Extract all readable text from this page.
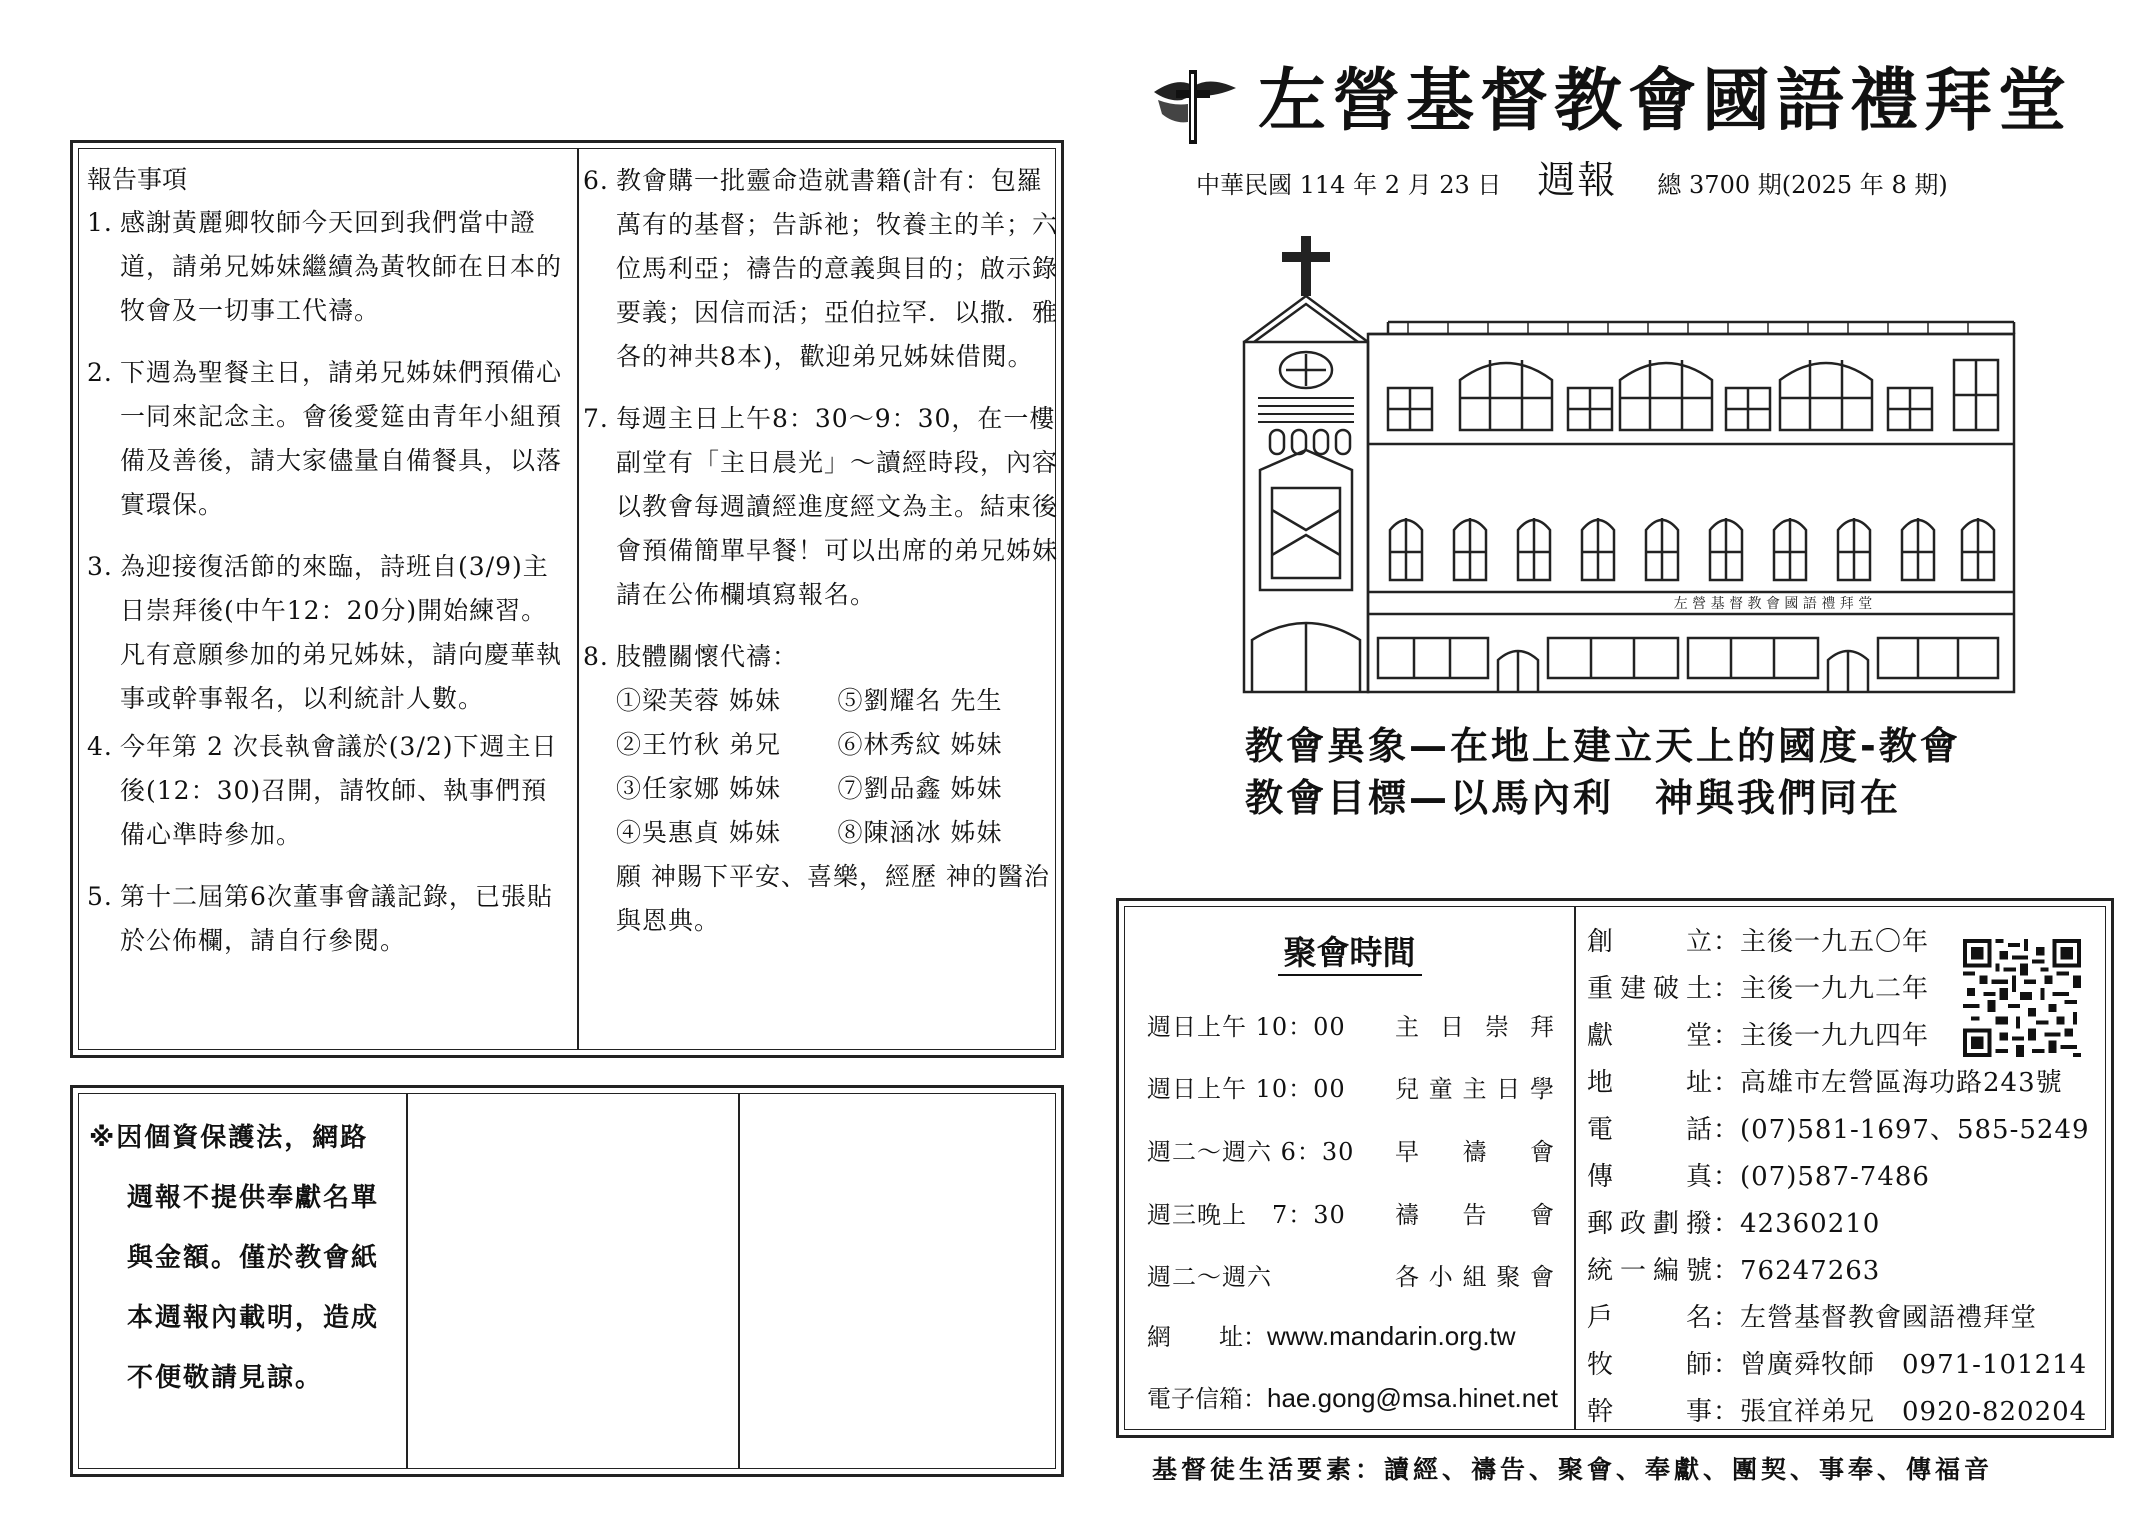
報告事項

1. 感謝黃麗卿牧師今天回到我們當中證道，請弟兄姊妹繼續為黃牧師在日本的牧會及一切事工代禱。

2. 下週為聖餐主日，請弟兄姊妹們預備心一同來記念主。會後愛筵由青年小組預備及善後，請大家儘量自備餐具，以落實環保。

3. 為迎接復活節的來臨，詩班自(3/9)主日崇拜後(中午12：20分)開始練習。凡有意願參加的弟兄姊妹，請向慶華執事或幹事報名，以利統計人數。

4. 今年第 2 次長執會議於(3/2)下週主日後(12：30)召開，請牧師、執事們預備心準時參加。

5. 第十二屆第6次董事會議記錄，已張貼於公佈欄，請自行參閱。

6. 教會購一批靈命造就書籍(計有：包羅萬有的基督；告訴祂；牧養主的羊；六位馬利亞；禱告的意義與目的；啟示錄要義；因信而活；亞伯拉罕．以撒．雅各的神共8本)，歡迎弟兄姊妹借閱。

7. 每週主日上午8：30～9：30，在一樓副堂有「主日晨光」～讀經時段，內容以教會每週讀經進度經文為主。結束後會預備簡單早餐！可以出席的弟兄姊妹請在公佈欄填寫報名。

8. 肢體關懷代禱：

①梁芙蓉 姊妹	⑤劉耀名 先生
②王竹秋 弟兄	⑥林秀紋 姊妹
③任家娜 姊妹	⑦劉品鑫 姊妹
④吳惠貞 姊妹	⑧陳涵冰 姊妹
願 神賜下平安、喜樂，經歷 神的醫治與恩典。
※因個資保護法，網路
週報不提供奉獻名單
與金額。僅於教會紙
本週報內載明，造成
不便敬請見諒。
左營基督教會國語禮拜堂
中華民國 114 年 2 月 23 日 週報 總 3700 期(2025 年 8 期)
左 營 基 督 教 會 國 語 禮 拜 堂
教會異象—在地上建立天上的國度-教會
教會目標—以馬內利　神與我們同在
聚會時間
週日上午 10：00 主日崇拜
週日上午 10：00 兒童主日學
週二～週六 6：30 早禱會
週三晚上　7：30 禱告會
週二～週六	各小組聚會
網　　址：www.mandarin.org.tw
電子信箱：hae.gong@msa.hinet.net
創立：主後一九五〇年
重建破土：主後一九九二年
獻堂：主後一九九四年
地址：高雄市左營區海功路243號
電話：(07)581-1697、585-5249
傳真：(07)587-7486
郵政劃撥：42360210
統一編號：76247263
戶名：左營基督教會國語禮拜堂
牧師：曾廣舜牧師　0971-101214
幹事：張宜祥弟兄　0920-820204
基督徒生活要素：讀經、禱告、聚會、奉獻、團契、事奉、傳福音
